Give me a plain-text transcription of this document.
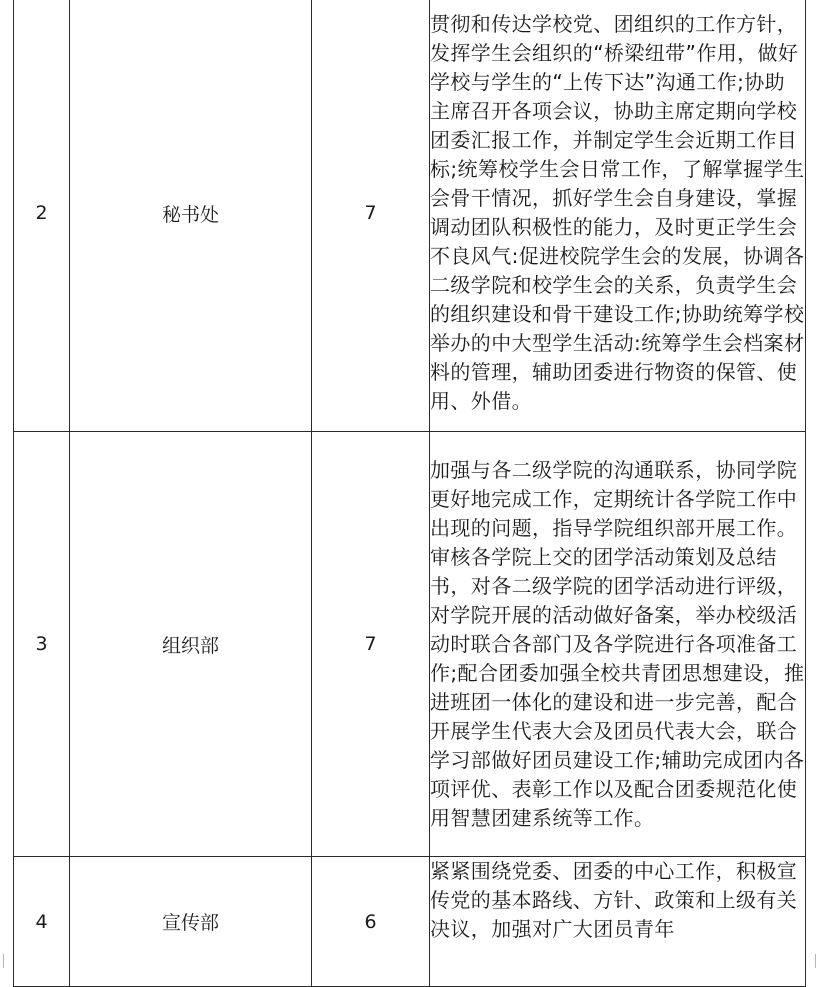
2	秘书处	7	贯彻和传达学校党、团组织的工作方针，发挥学生会组织的“桥梁纽带”作用，做好学校与学生的“上传下达”沟通工作;协助主席召开各项会议，协助主席定期向学校团委汇报工作，并制定学生会近期工作目标;统筹校学生会日常工作，了解掌握学生会骨干情况，抓好学生会自身建设，掌握调动团队积极性的能力，及时更正学生会不良风气:促进校院学生会的发展，协调各二级学院和校学生会的关系，负责学生会的组织建设和骨干建设工作;协助统筹学校举办的中大型学生活动:统筹学生会档案材料的管理，辅助团委进行物资的保管、使用、外借。
3	组织部	7	加强与各二级学院的沟通联系，协同学院更好地完成工作，定期统计各学院工作中出现的问题，指导学院组织部开展工作。审核各学院上交的团学活动策划及总结书，对各二级学院的团学活动进行评级，对学院开展的活动做好备案，举办校级活动时联合各部门及各学院进行各项准备工作;配合团委加强全校共青团思想建设，推进班团一体化的建设和进一步完善，配合开展学生代表大会及团员代表大会，联合学习部做好团员建设工作;辅助完成团内各项评优、表彰工作以及配合团委规范化使用智慧团建系统等工作。
4	宣传部	6	紧紧围绕党委、团委的中心工作，积极宣传党的基本路线、方针、政策和上级有关决议，加强对广大团员青年
